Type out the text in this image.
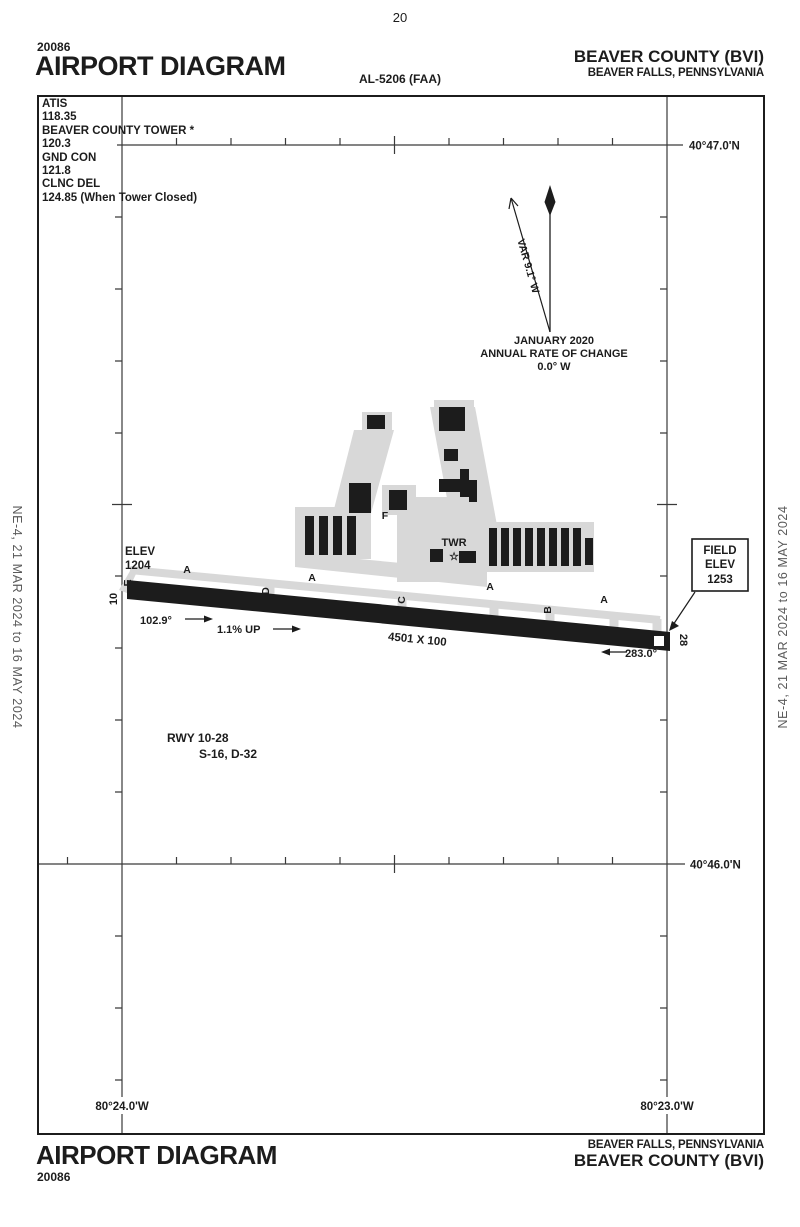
20
20086
AIRPORT DIAGRAM	AL-5206 (FAA)
BEAVER COUNTY (BVI)
BEAVER FALLS, PENNSYLVANIA
NE-4, 21 MAR 2024 to 16 MAY 2024	NE-4, 21 MAR 2024 to 16 MAY 2024
40°47.0'N
40°46.0'N
80°24.0'W	80°23.0'W
VAR 9.1° W
JANUARY 2020
ANNUAL RATE OF CHANGE
0.0° W
ELEV
1204
10
E
102.9°
1.1% UP
4501 X 100
283.0°
28
TWR
☆
A
A
A
A
F
D
C
B
FIELD
ELEV
1253
RWY 10-28
S-16, D-32
ATIS
118.35
BEAVER COUNTY TOWER *
120.3
GND CON
121.8
CLNC DEL
124.85 (When Tower Closed)
AIRPORT DIAGRAM
20086
BEAVER FALLS, PENNSYLVANIA
BEAVER COUNTY (BVI)
